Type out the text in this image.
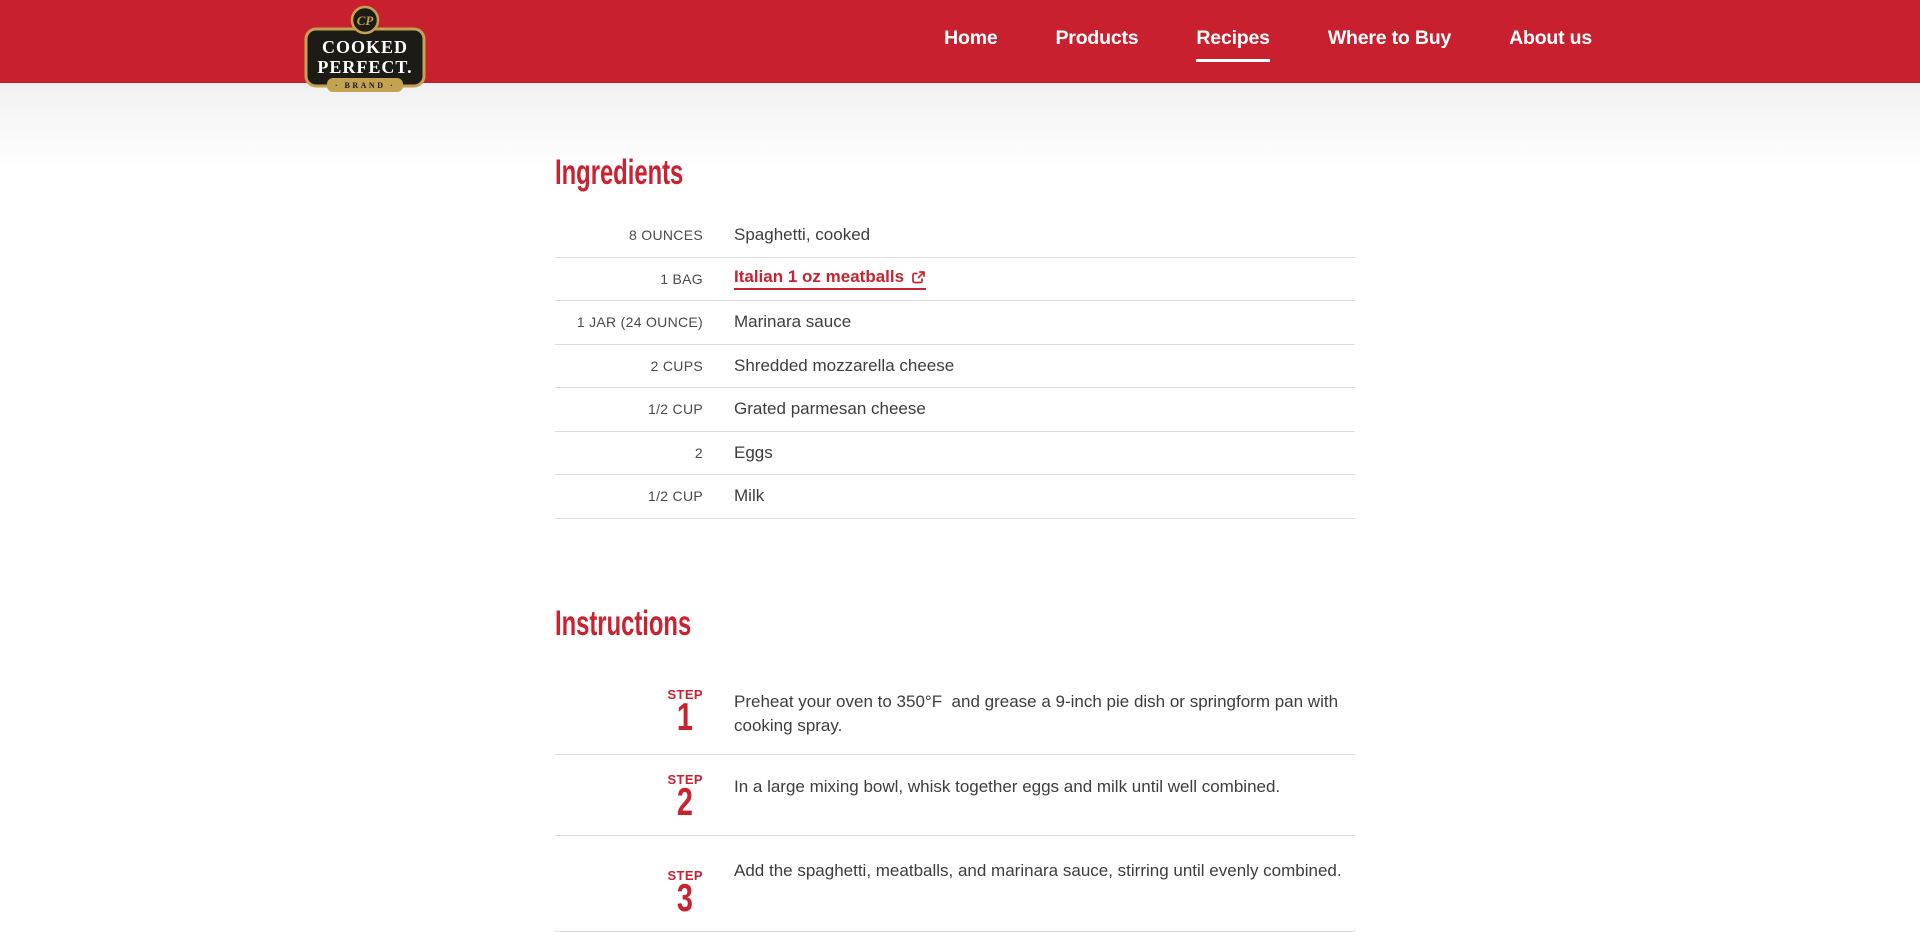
CP
COOKED
PERFECT.
· BRAND ·
Home	Products	Recipes	Where to Buy	About us
Ingredients
8 OUNCES Spaghetti, cooked
1 BAG Italian 1 oz meatballs
1 JAR (24 OUNCE) Marinara sauce
2 CUPS Shredded mozzarella cheese
1/2 CUP Grated parmesan cheese
2 Eggs
1/2 CUP Milk
Instructions
STEP
1 Preheat your oven to 350°F  and grease a 9-inch pie dish or springform pan with cooking spray.
STEP
2 In a large mixing bowl, whisk together eggs and milk until well combined.
STEP
3
Add the spaghetti, meatballs, and marinara sauce, stirring until evenly combined.
